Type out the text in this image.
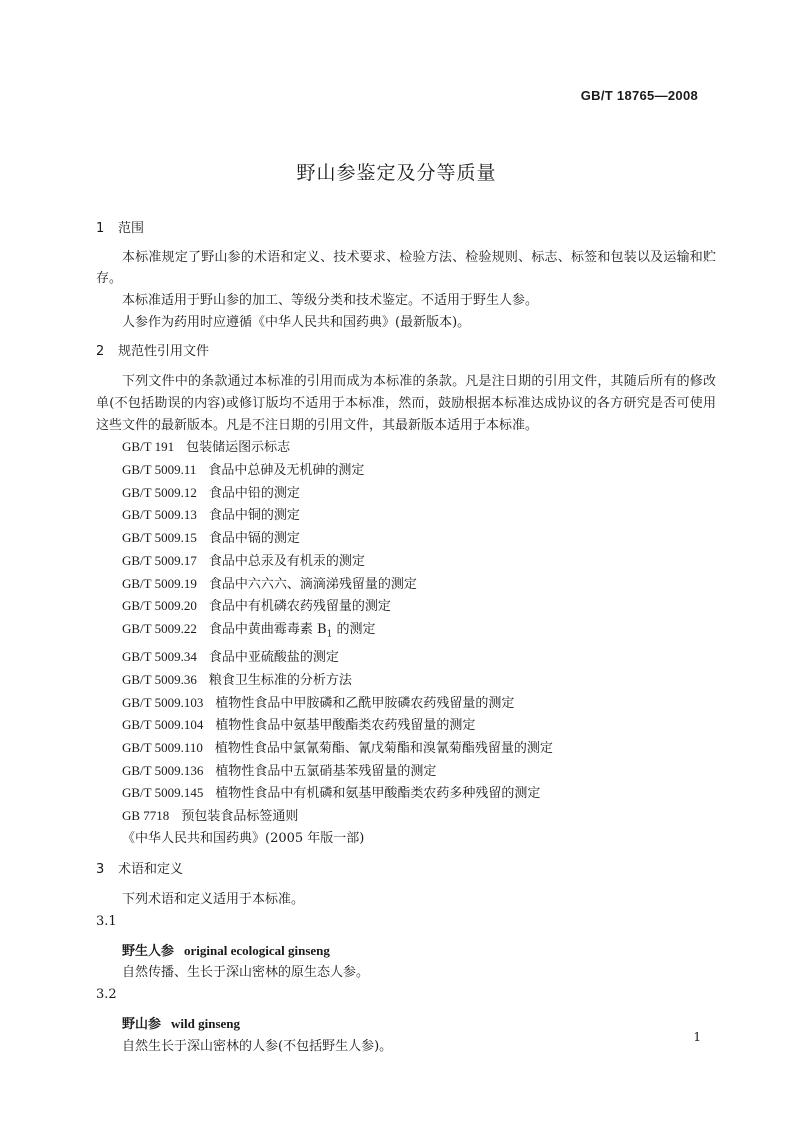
GB/T 18765—2008
野山参鉴定及分等质量
1 范围

本标准规定了野山参的术语和定义、技术要求、检验方法、检验规则、标志、标签和包装以及运输和贮存。

本标准适用于野山参的加工、等级分类和技术鉴定。不适用于野生人参。

人参作为药用时应遵循《中华人民共和国药典》(最新版本)。

2 规范性引用文件

下列文件中的条款通过本标准的引用而成为本标准的条款。凡是注日期的引用文件，其随后所有的修改单(不包括勘误的内容)或修订版均不适用于本标准，然而，鼓励根据本标准达成协议的各方研究是否可使用这些文件的最新版本。凡是不注日期的引用文件，其最新版本适用于本标准。

GB/T 191 包装储运图示标志
GB/T 5009.11 食品中总砷及无机砷的测定
GB/T 5009.12 食品中铅的测定
GB/T 5009.13 食品中铜的测定
GB/T 5009.15 食品中镉的测定
GB/T 5009.17 食品中总汞及有机汞的测定
GB/T 5009.19 食品中六六六、滴滴涕残留量的测定
GB/T 5009.20 食品中有机磷农药残留量的测定
GB/T 5009.22 食品中黄曲霉毒素 $B_1$ 的测定
GB/T 5009.34 食品中亚硫酸盐的测定
GB/T 5009.36 粮食卫生标准的分析方法
GB/T 5009.103 植物性食品中甲胺磷和乙酰甲胺磷农药残留量的测定
GB/T 5009.104 植物性食品中氨基甲酸酯类农药残留量的测定
GB/T 5009.110 植物性食品中氯氰菊酯、氰戊菊酯和溴氰菊酯残留量的测定
GB/T 5009.136 植物性食品中五氯硝基苯残留量的测定
GB/T 5009.145 植物性食品中有机磷和氨基甲酸酯类农药多种残留的测定
GB 7718 预包装食品标签通则
《中华人民共和国药典》(2005 年版一部)
3 术语和定义

下列术语和定义适用于本标准。

3.1

野生人参 original ecological ginseng

自然传播、生长于深山密林的原生态人参。

3.2

野山参 wild ginseng

自然生长于深山密林的人参(不包括野生人参)。

1
